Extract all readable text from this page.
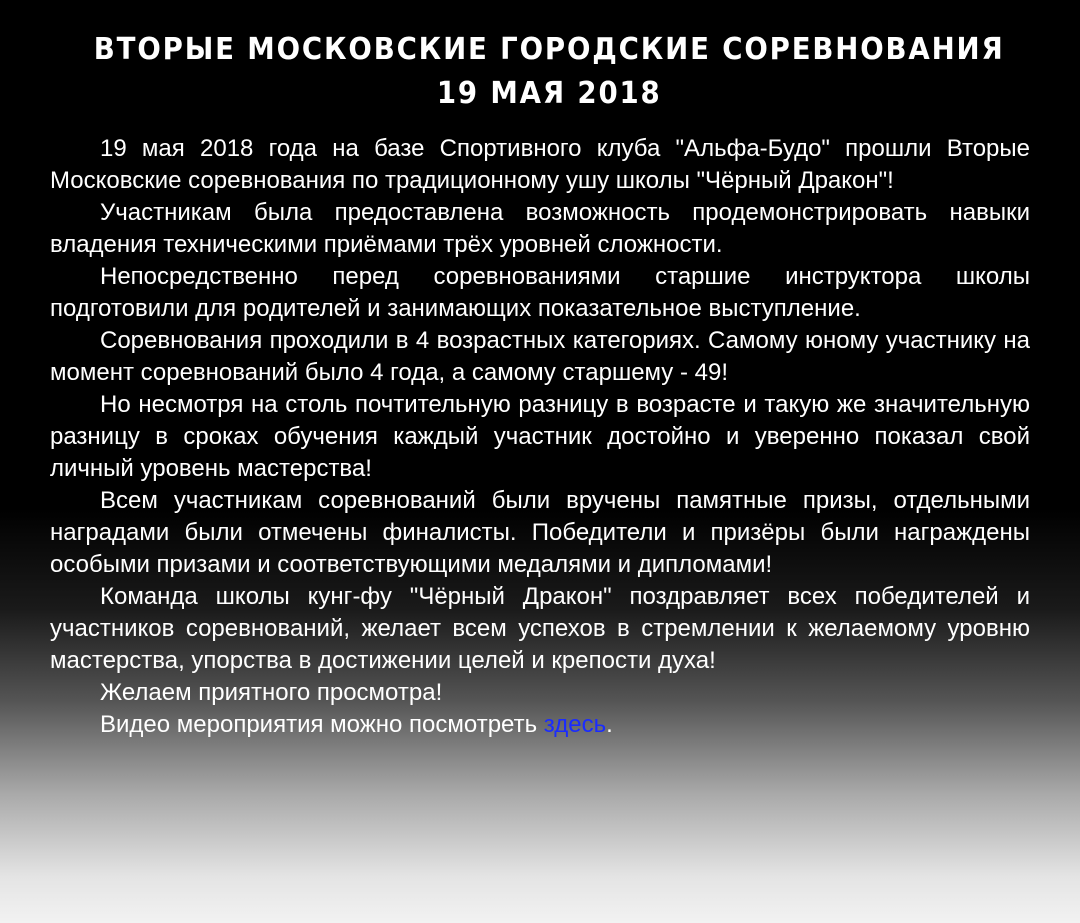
ВТОРЫЕ МОСКОВСКИЕ ГОРОДСКИЕ СОРЕВНОВАНИЯ
19 МАЯ 2018

19 мая 2018 года на базе Спортивного клуба "Альфа-Будо" прошли Вторые Московские соревнования по традиционному ушу школы "Чёрный Дракон"!

Участникам была предоставлена возможность продемонстрировать навыки владения техническими приёмами трёх уровней сложности.

Непосредственно перед соревнованиями старшие инструктора школы подготовили для родителей и занимающих показательное выступление.

Соревнования проходили в 4 возрастных категориях. Самому юному участнику на момент соревнований было 4 года, а самому старшему - 49!

Но несмотря на столь почтительную разницу в возрасте и такую же значительную разницу в сроках обучения каждый участник достойно и уверенно показал свой личный уровень мастерства!

Всем участникам соревнований были вручены памятные призы, отдельными наградами были отмечены финалисты. Победители и призёры были награждены особыми призами и соответствующими медалями и дипломами!

Команда школы кунг-фу "Чёрный Дракон" поздравляет всех победителей и участников соревнований, желает всем успехов в стремлении к желаемому уровню мастерства, упорства в достижении целей и крепости духа!

Желаем приятного просмотра!

Видео мероприятия можно посмотреть здесь.
